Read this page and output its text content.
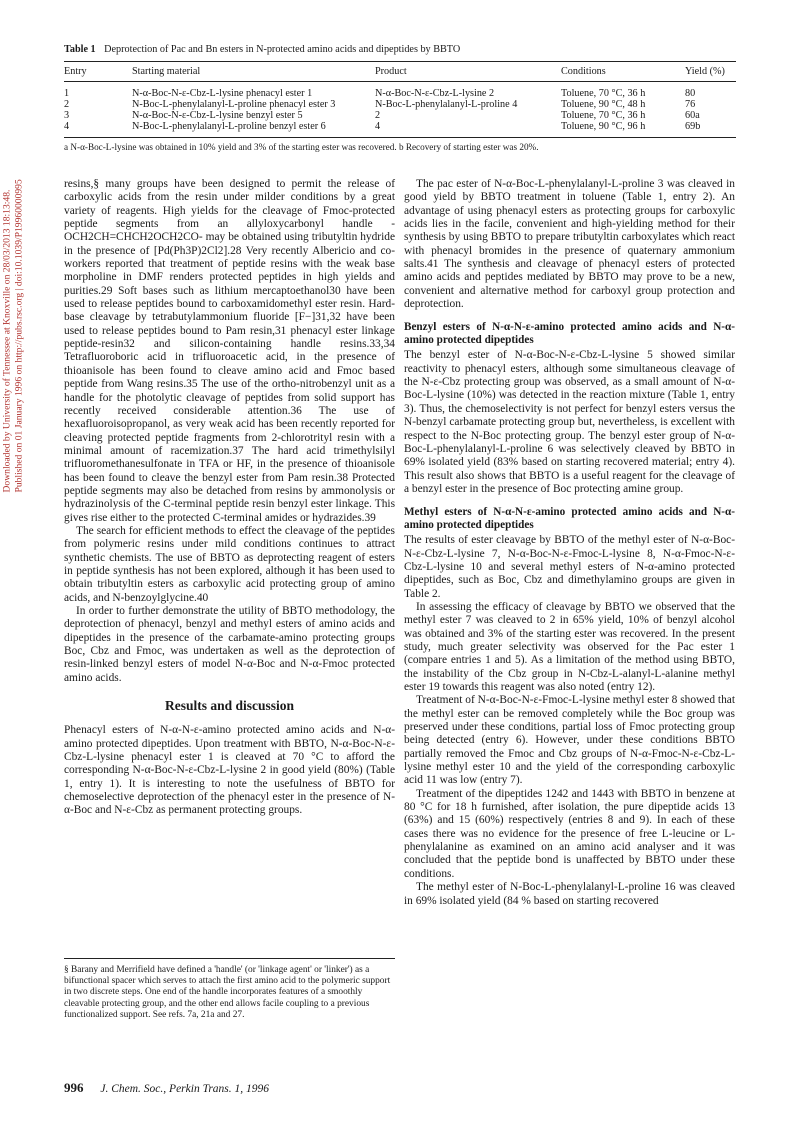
Downloaded by University of Tennessee at Knoxville on 28/03/2013 18:13:48. Published on 01 January 1996 on http://pubs.rsc.org | doi:10.1039/P19960000995
Table 1 Deprotection of Pac and Bn esters in N-protected amino acids and dipeptides by BBTO
Entry	Starting material	Product	Conditions	Yield (%)

1	N-α-Boc-N-ε-Cbz-L-lysine phenacyl ester 1	N-α-Boc-N-ε-Cbz-L-lysine 2	Toluene, 70 °C, 36 h	80
2	N-Boc-L-phenylalanyl-L-proline phenacyl ester 3	N-Boc-L-phenylalanyl-L-proline 4	Toluene, 90 °C, 48 h	76
3	N-α-Boc-N-ε-Cbz-L-lysine benzyl ester 5	2	Toluene, 70 °C, 36 h	60a
4	N-Boc-L-phenylalanyl-L-proline benzyl ester 6	4	Toluene, 90 °C, 96 h	69b

a N-α-Boc-L-lysine was obtained in 10% yield and 3% of the starting ester was recovered. b Recovery of starting ester was 20%.

resins,§ many groups have been designed to permit the release of carboxylic acids from the resin under milder conditions by a great variety of reagents. High yields for the cleavage of Fmoc-protected peptide segments from an allyloxycarbonyl handle -OCH2CH=CHCH2OCH2CO- may be obtained using tributyltin hydride in the presence of [Pd(Ph3P)2Cl2].28 Very recently Albericio and co-workers reported that treatment of peptide resins with the weak base morpholine in DMF renders protected peptides in high yields and purities.29 Soft bases such as lithium mercaptoethanol30 have been used to release peptides bound to carboxamidomethyl ester resin. Hard-base cleavage by tetrabutylammonium fluoride [F−]31,32 have been used to release peptides bound to Pam resin,31 phenacyl ester linkage peptide-resin32 and silicon-containing handle resins.33,34 Tetrafluoroboric acid in trifluoroacetic acid, in the presence of thioanisole has been found to cleave amino acid and Fmoc based peptide from Wang resins.35 The use of the ortho-nitrobenzyl unit as a handle for the photolytic cleavage of peptides from solid support has recently received considerable attention.36 The use of hexafluoroisopropanol, as very weak acid has been recently reported for cleaving protected peptide fragments from 2-chlorotrityl resin with a minimal amount of racemization.37 The hard acid trimethylsilyl trifluoromethanesulfonate in TFA or HF, in the presence of thioanisole has been found to cleave the benzyl ester from Pam resin.38 Protected peptide segments may also be detached from resins by ammonolysis or hydrazinolysis of the C-terminal peptide resin benzyl ester linkage. This gives rise either to the protected C-terminal amides or hydrazides.39

The search for efficient methods to effect the cleavage of the peptides from polymeric resins under mild conditions continues to attract synthetic chemists. The use of BBTO as deprotecting reagent of esters in peptide synthesis has not been explored, although it has been used to obtain tributyltin esters as carboxylic acid protecting group of amino acids, and N-benzoylglycine.40

In order to further demonstrate the utility of BBTO methodology, the deprotection of phenacyl, benzyl and methyl esters of amino acids and dipeptides in the presence of the carbamate-amino protecting groups Boc, Cbz and Fmoc, was undertaken as well as the deprotection of resin-linked benzyl esters of model N-α-Boc and N-α-Fmoc protected amino acids.

Results and discussion

Phenacyl esters of N-α-N-ε-amino protected amino acids and N-α-amino protected dipeptides. Upon treatment with BBTO, N-α-Boc-N-ε-Cbz-L-lysine phenacyl ester 1 is cleaved at 70 °C to afford the corresponding N-α-Boc-N-ε-Cbz-L-lysine 2 in good yield (80%) (Table 1, entry 1). It is interesting to note the usefulness of BBTO for chemoselective deprotection of the phenacyl ester in the presence of N-α-Boc and N-ε-Cbz as permanent protecting groups.

§ Barany and Merrifield have defined a 'handle' (or 'linkage agent' or 'linker') as a bifunctional spacer which serves to attach the first amino acid to the polymeric support in two discrete steps. One end of the handle incorporates features of a smoothly cleavable protecting group, and the other end allows facile coupling to a previous functionalized support. See refs. 7a, 21a and 27.

The pac ester of N-α-Boc-L-phenylalanyl-L-proline 3 was cleaved in good yield by BBTO treatment in toluene (Table 1, entry 2). An advantage of using phenacyl esters as protecting groups for carboxylic acids lies in the facile, convenient and high-yielding method for their synthesis by using BBTO to prepare tributyltin carboxylates which react with phenacyl bromides in the presence of quaternary ammonium salts.41 The synthesis and cleavage of phenacyl esters of protected amino acids and peptides mediated by BBTO may prove to be a new, convenient and alternative method for carboxyl group protection and deprotection.

Benzyl esters of N-α-N-ε-amino protected amino acids and N-α-amino protected dipeptides

The benzyl ester of N-α-Boc-N-ε-Cbz-L-lysine 5 showed similar reactivity to phenacyl esters, although some simultaneous cleavage of the N-ε-Cbz protecting group was observed, as a small amount of N-α-Boc-L-lysine (10%) was detected in the reaction mixture (Table 1, entry 3). Thus, the chemoselectivity is not perfect for benzyl esters versus the N-benzyl carbamate protecting group but, nevertheless, is excellent with respect to the N-Boc protecting group. The benzyl ester group of N-α-Boc-L-phenylalanyl-L-proline 6 was selectively cleaved by BBTO in 69% isolated yield (83% based on starting recovered material; entry 4). This result also shows that BBTO is a useful reagent for the cleavage of a benzyl ester in the presence of Boc protecting amine group.

Methyl esters of N-α-N-ε-amino protected amino acids and N-α-amino protected dipeptides

The results of ester cleavage by BBTO of the methyl ester of N-α-Boc-N-ε-Cbz-L-lysine 7, N-α-Boc-N-ε-Fmoc-L-lysine 8, N-α-Fmoc-N-ε-Cbz-L-lysine 10 and several methyl esters of N-α-amino protected dipeptides, such as Boc, Cbz and dimethylamino groups are given in Table 2.

In assessing the efficacy of cleavage by BBTO we observed that the methyl ester 7 was cleaved to 2 in 65% yield, 10% of benzyl alcohol was obtained and 3% of the starting ester was recovered. In the present study, much greater selectivity was observed for the Pac ester 1 (compare entries 1 and 5). As a limitation of the method using BBTO, the instability of the Cbz group in N-Cbz-L-alanyl-L-alanine methyl ester 19 towards this reagent was also noted (entry 12).

Treatment of N-α-Boc-N-ε-Fmoc-L-lysine methyl ester 8 showed that the methyl ester can be removed completely while the Boc group was preserved under these conditions, partial loss of Fmoc protecting group being detected (entry 6). However, under these conditions BBTO partially removed the Fmoc and Cbz groups of N-α-Fmoc-N-ε-Cbz-L-lysine methyl ester 10 and the yield of the corresponding carboxylic acid 11 was low (entry 7).

Treatment of the dipeptides 1242 and 1443 with BBTO in benzene at 80 °C for 18 h furnished, after isolation, the pure dipeptide acids 13 (63%) and 15 (60%) respectively (entries 8 and 9). In each of these cases there was no evidence for the presence of free L-leucine or L-phenylalanine as examined on an amino acid analyser and it was concluded that the peptide bond is unaffected by BBTO under these conditions.

The methyl ester of N-Boc-L-phenylalanyl-L-proline 16 was cleaved in 69% isolated yield (84 % based on starting recovered

996 J. Chem. Soc., Perkin Trans. 1, 1996
